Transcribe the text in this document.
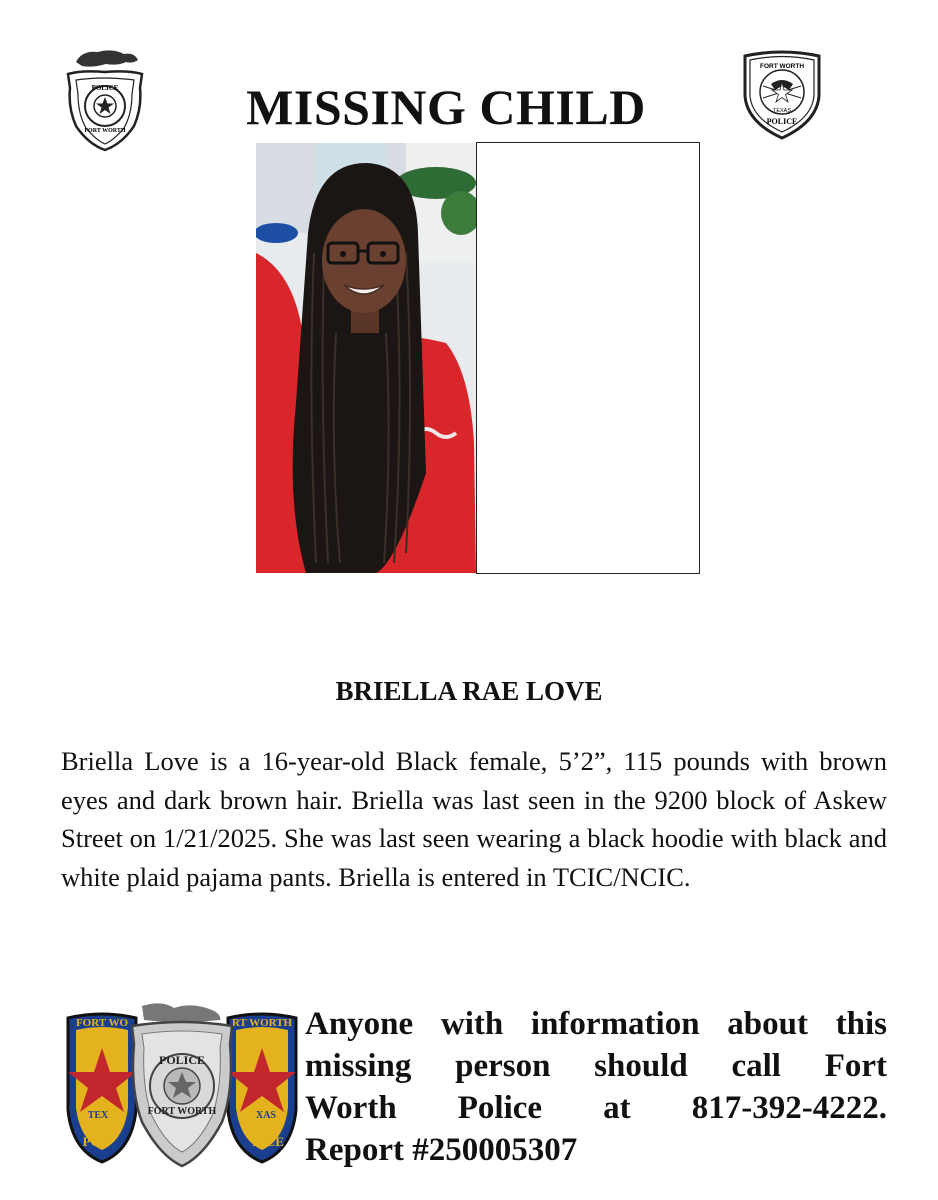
POLICE
FORT WORTH	MISSING CHILD
FORT WORTH
TEXAS
POLICE
BRIELLA RAE LOVE
Briella Love is a 16-year-old Black female, 5’2”, 115 pounds with brown eyes and dark brown hair. Briella was last seen in the 9200 block of Askew Street on 1/21/2025. She was last seen wearing a black hoodie with black and white plaid pajama pants. Briella is entered in TCIC/NCIC.
FORT WO	RT WORTH
TEX	XAS
POL	LICE
POLICE
FORT WORTH
Anyone with information about this
missing person should call Fort
Worth Police at 817-392-4222.
Report #250005307
